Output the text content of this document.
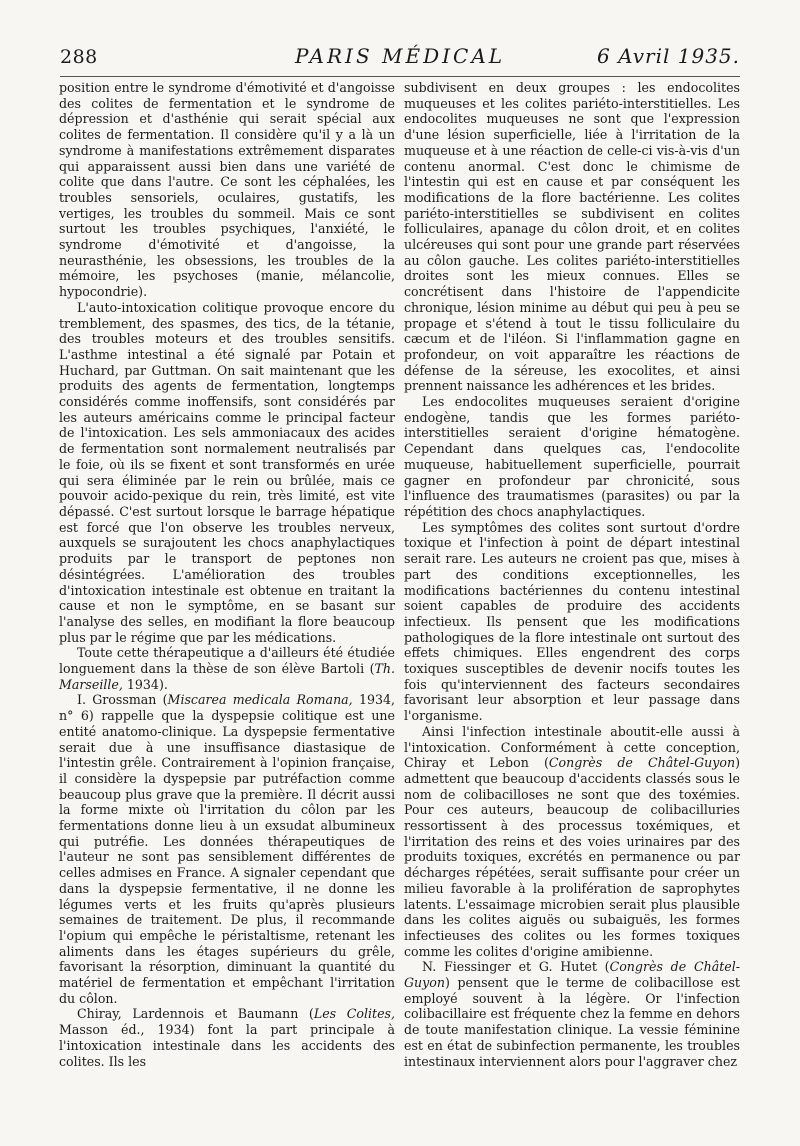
288	PARIS MÉDICAL	6 Avril 1935.

position entre le syndrome d'émotivité et d'angoisse des colites de fermentation et le syndrome de dépression et d'asthénie qui serait spécial aux colites de fermentation. Il considère qu'il y a là un syndrome à manifestations extrêmement disparates qui apparaissent aussi bien dans une variété de colite que dans l'autre. Ce sont les céphalées, les troubles sensoriels, oculaires, gustatifs, les vertiges, les troubles du sommeil. Mais ce sont surtout les troubles psychiques, l'anxiété, le syndrome d'émotivité et d'angoisse, la neurasthénie, les obsessions, les troubles de la mémoire, les psychoses (manie, mélancolie, hypocondrie).

L'auto-intoxication colitique provoque encore du tremblement, des spasmes, des tics, de la tétanie, des troubles moteurs et des troubles sensitifs. L'asthme intestinal a été signalé par Potain et Huchard, par Guttman. On sait maintenant que les produits des agents de fermentation, longtemps considérés comme inoffensifs, sont considérés par les auteurs américains comme le principal facteur de l'intoxication. Les sels ammoniacaux des acides de fermentation sont normalement neutralisés par le foie, où ils se fixent et sont transformés en urée qui sera éliminée par le rein ou brûlée, mais ce pouvoir acido-pexique du rein, très limité, est vite dépassé. C'est surtout lorsque le barrage hépatique est forcé que l'on observe les troubles nerveux, auxquels se surajoutent les chocs anaphylactiques produits par le transport de peptones non désintégrées. L'amélioration des troubles d'intoxication intestinale est obtenue en traitant la cause et non le symptôme, en se basant sur l'analyse des selles, en modifiant la flore beaucoup plus par le régime que par les médications.

Toute cette thérapeutique a d'ailleurs été étudiée longuement dans la thèse de son élève Bartoli (Th. Marseille, 1934).

I. Grossman (Miscarea medicala Romana, 1934, n° 6) rappelle que la dyspepsie colitique est une entité anatomo-clinique. La dyspepsie fermentative serait due à une insuffisance diastasique de l'intestin grêle. Contrairement à l'opinion française, il considère la dyspepsie par putréfaction comme beaucoup plus grave que la première. Il décrit aussi la forme mixte où l'irritation du côlon par les fermentations donne lieu à un exsudat albumineux qui putréfie. Les données thérapeutiques de l'auteur ne sont pas sensiblement différentes de celles admises en France. A signaler cependant que dans la dyspepsie fermentative, il ne donne les légumes verts et les fruits qu'après plusieurs semaines de traitement. De plus, il recommande l'opium qui empêche le péristaltisme, retenant les aliments dans les étages supérieurs du grêle, favorisant la résorption, diminuant la quantité du matériel de fermentation et empêchant l'irritation du côlon.

Chiray, Lardennois et Baumann (Les Colites, Masson éd., 1934) font la part principale à l'intoxication intestinale dans les accidents des colites. Ils les

subdivisent en deux groupes : les endocolites muqueuses et les colites pariéto-interstitielles. Les endocolites muqueuses ne sont que l'expression d'une lésion superficielle, liée à l'irritation de la muqueuse et à une réaction de celle-ci vis-à-vis d'un contenu anormal. C'est donc le chimisme de l'intestin qui est en cause et par conséquent les modifications de la flore bactérienne. Les colites pariéto-interstitielles se subdivisent en colites folliculaires, apanage du côlon droit, et en colites ulcéreuses qui sont pour une grande part réservées au côlon gauche. Les colites pariéto-interstitielles droites sont les mieux connues. Elles se concrétisent dans l'histoire de l'appendicite chronique, lésion minime au début qui peu à peu se propage et s'étend à tout le tissu folliculaire du cæcum et de l'iléon. Si l'inflammation gagne en profondeur, on voit apparaître les réactions de défense de la séreuse, les exocolites, et ainsi prennent naissance les adhérences et les brides.

Les endocolites muqueuses seraient d'origine endogène, tandis que les formes pariéto-interstitielles seraient d'origine hématogène. Cependant dans quelques cas, l'endocolite muqueuse, habituellement superficielle, pourrait gagner en profondeur par chronicité, sous l'influence des traumatismes (parasites) ou par la répétition des chocs anaphylactiques.

Les symptômes des colites sont surtout d'ordre toxique et l'infection à point de départ intestinal serait rare. Les auteurs ne croient pas que, mises à part des conditions exceptionnelles, les modifications bactériennes du contenu intestinal soient capables de produire des accidents infectieux. Ils pensent que les modifications pathologiques de la flore intestinale ont surtout des effets chimiques. Elles engendrent des corps toxiques susceptibles de devenir nocifs toutes les fois qu'interviennent des facteurs secondaires favorisant leur absorption et leur passage dans l'organisme.

Ainsi l'infection intestinale aboutit-elle aussi à l'intoxication. Conformément à cette conception, Chiray et Lebon (Congrès de Châtel-Guyon) admettent que beaucoup d'accidents classés sous le nom de colibacilloses ne sont que des toxémies. Pour ces auteurs, beaucoup de colibacilluries ressortissent à des processus toxémiques, et l'irritation des reins et des voies urinaires par des produits toxiques, excrétés en permanence ou par décharges répétées, serait suffisante pour créer un milieu favorable à la prolifération de saprophytes latents. L'essaimage microbien serait plus plausible dans les colites aiguës ou subaiguës, les formes infectieuses des colites ou les formes toxiques comme les colites d'origine amibienne.

N. Fiessinger et G. Hutet (Congrès de Châtel-Guyon) pensent que le terme de colibacillose est employé souvent à la légère. Or l'infection colibacillaire est fréquente chez la femme en dehors de toute manifestation clinique. La vessie féminine est en état de subinfection permanente, les troubles intestinaux interviennent alors pour l'aggraver chez
